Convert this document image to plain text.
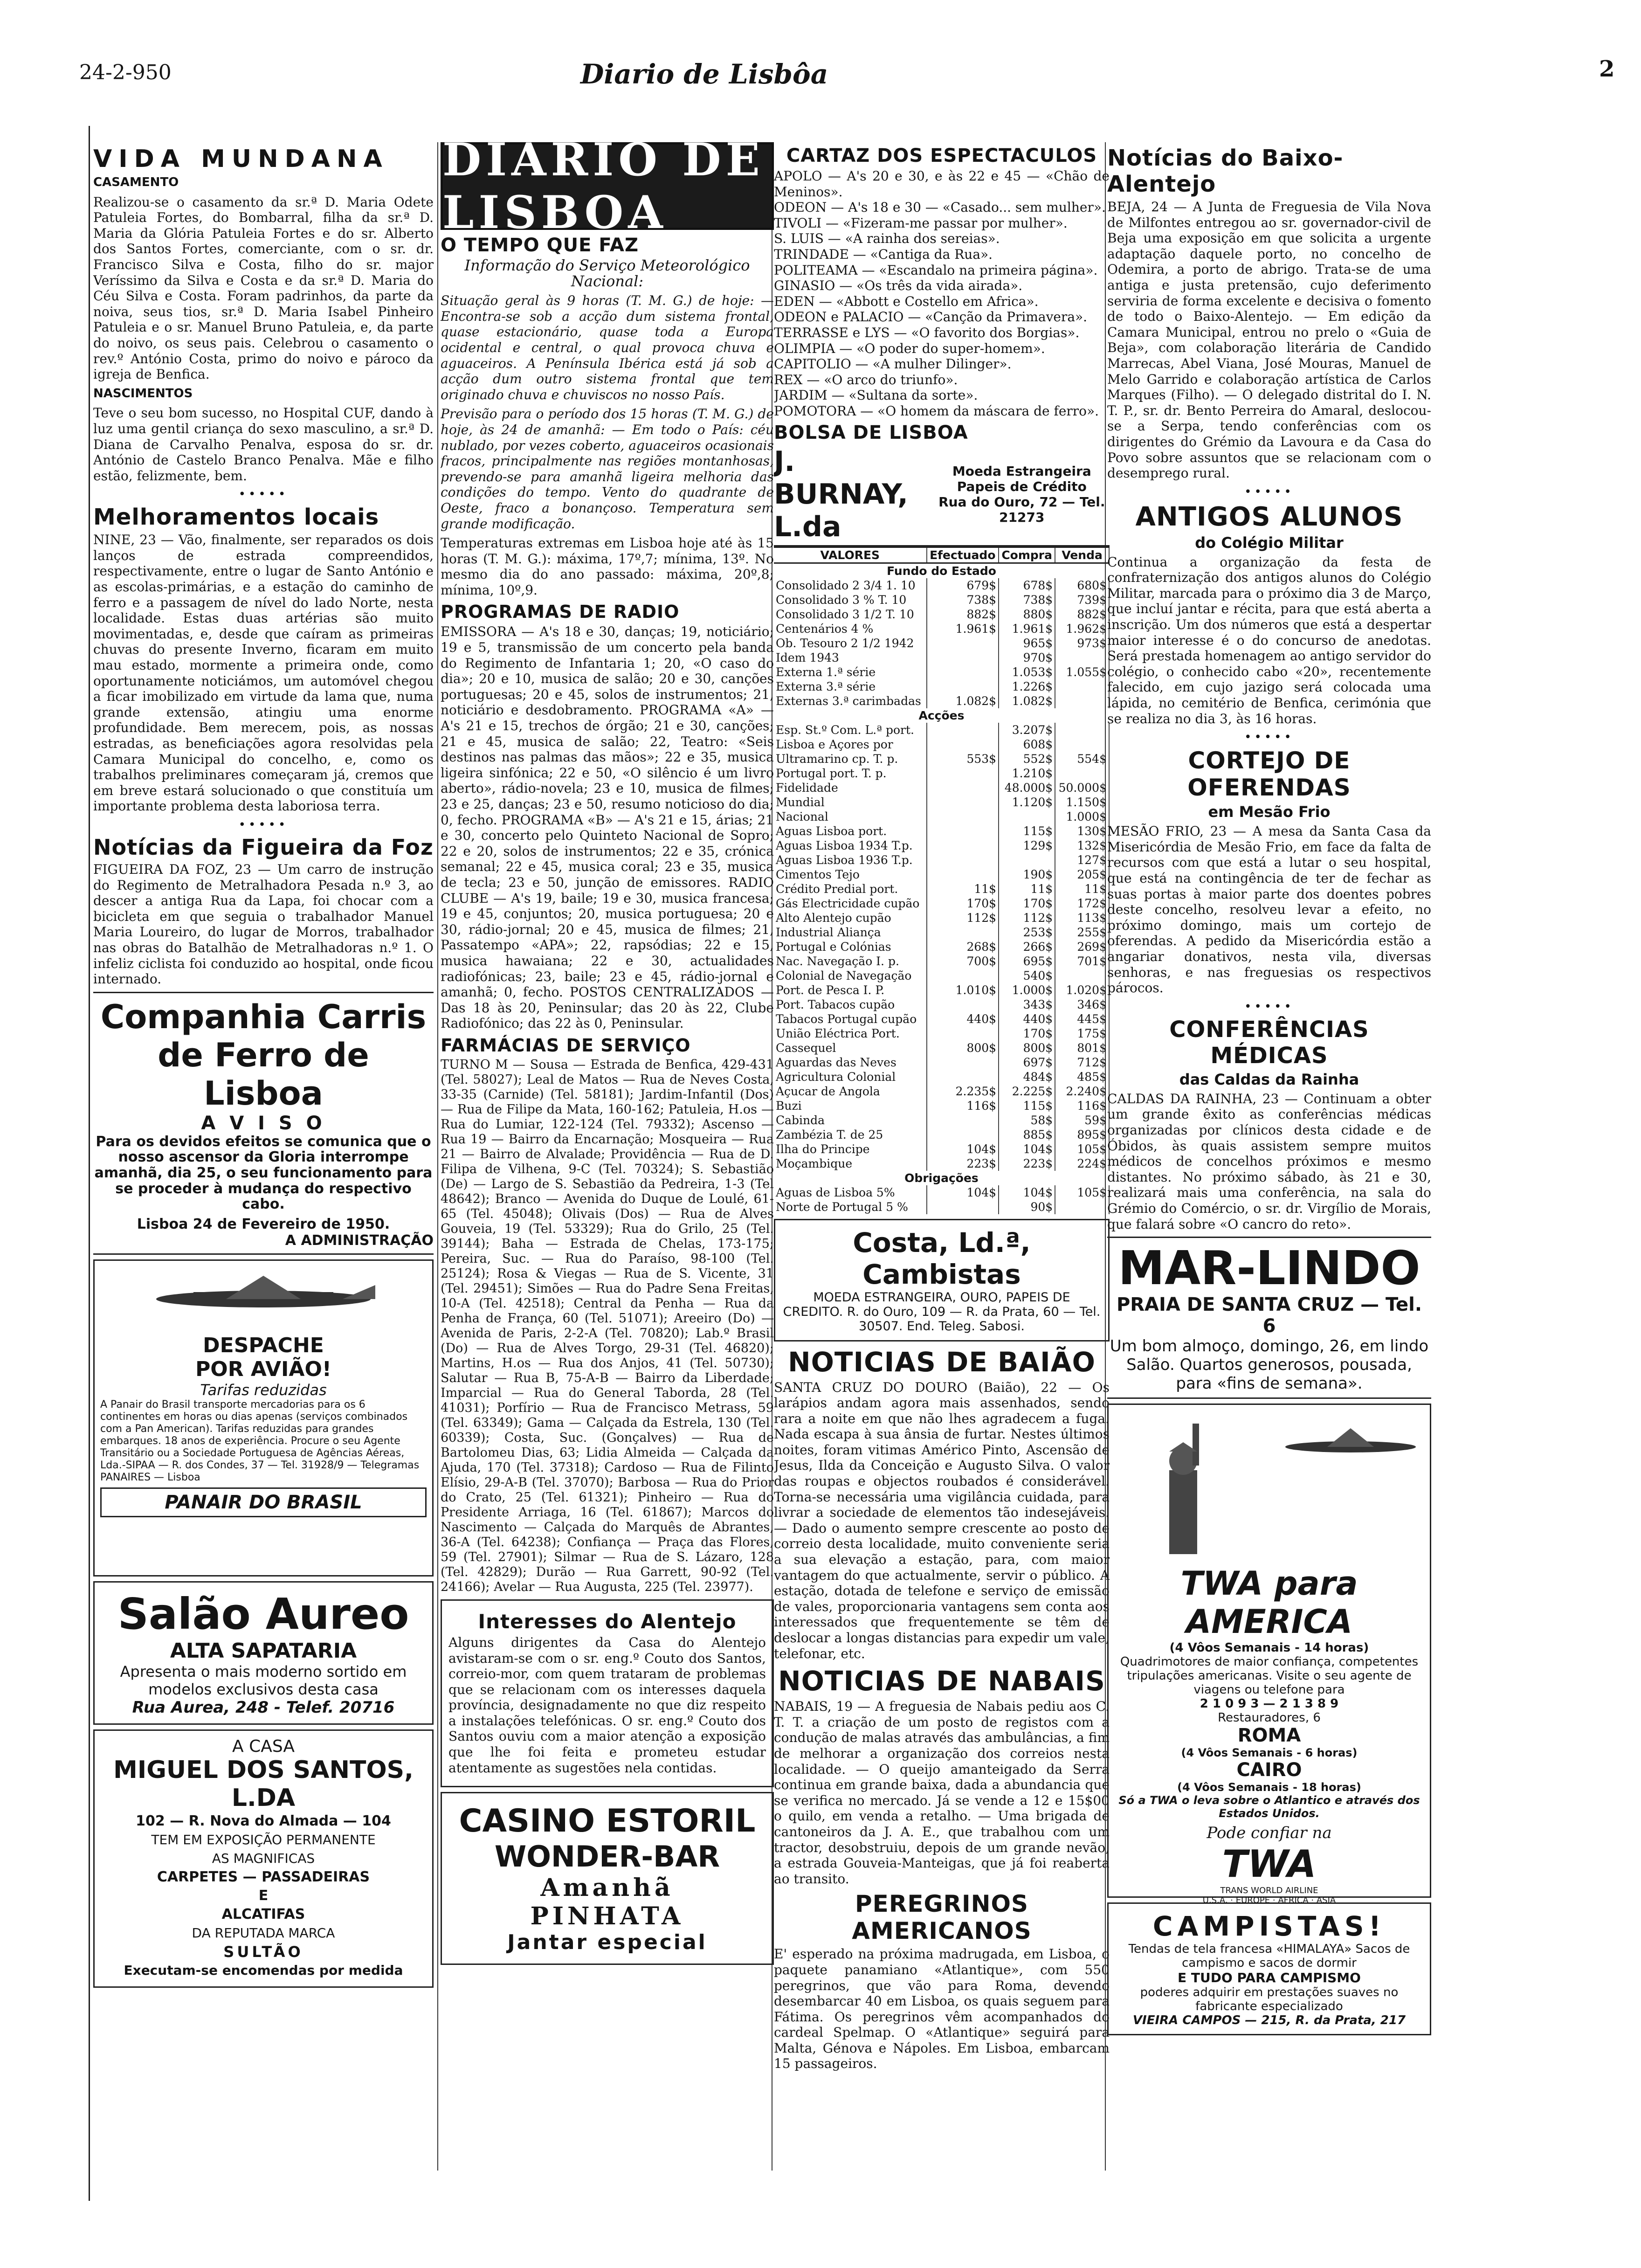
24-2-950	Diario de Lisbôa	2
VIDA MUNDANA
CASAMENTO

Realizou-se o casamento da sr.ª D. Maria Odete Patuleia Fortes, do Bombarral, filha da sr.ª D. Maria da Glória Patuleia Fortes e do sr. Alberto dos Santos Fortes, comerciante, com o sr. dr. Francisco Silva e Costa, filho do sr. major Veríssimo da Silva e Costa e da sr.ª D. Maria do Céu Silva e Costa. Foram padrinhos, da parte da noiva, seus tios, sr.ª D. Maria Isabel Pinheiro Patuleia e o sr. Manuel Bruno Patuleia, e, da parte do noivo, os seus pais. Celebrou o casamento o rev.º António Costa, primo do noivo e pároco da igreja de Benfica.

NASCIMENTOS

Teve o seu bom sucesso, no Hospital CUF, dando à luz uma gentil criança do sexo masculino, a sr.ª D. Diana de Carvalho Penalva, esposa do sr. dr. António de Castelo Branco Penalva. Mãe e filho estão, felizmente, bem.

•••••
Melhoramentos locais

NINE, 23 — Vão, finalmente, ser reparados os dois lanços de estrada compreendidos, respectivamente, entre o lugar de Santo António e as escolas-primárias, e a estação do caminho de ferro e a passagem de nível do lado Norte, nesta localidade. Estas duas artérias são muito movimentadas, e, desde que caíram as primeiras chuvas do presente Inverno, ficaram em muito mau estado, mormente a primeira onde, como oportunamente noticiámos, um automóvel chegou a ficar imobilizado em virtude da lama que, numa grande extensão, atingiu uma enorme profundidade. Bem merecem, pois, as nossas estradas, as beneficiações agora resolvidas pela Camara Municipal do concelho, e, como os trabalhos preliminares começaram já, cremos que em breve estará solucionado o que constituía um importante problema desta laboriosa terra.

•••••
Notícias da Figueira da Foz

FIGUEIRA DA FOZ, 23 — Um carro de instrução do Regimento de Metralhadora Pesada n.º 3, ao descer a antiga Rua da Lapa, foi chocar com a bicicleta em que seguia o trabalhador Manuel Maria Loureiro, do lugar de Morros, trabalhador nas obras do Batalhão de Metralhadoras n.º 1. O infeliz ciclista foi conduzido ao hospital, onde ficou internado.

Companhia Carris
de Ferro de Lisboa
A V I S O

Para os devidos efeitos se comunica que o nosso ascensor da Gloria interrompe amanhã, dia 25, o seu funcionamento para se proceder à mudança do respectivo cabo.

Lisboa 24 de Fevereiro de 1950.
A ADMINISTRAÇÃO
DESPACHE
POR AVIÃO!
Tarifas reduzidas

A Panair do Brasil transporte mercadorias para os 6 continentes em horas ou dias apenas (serviços combinados com a Pan American). Tarifas reduzidas para grandes embarques. 18 anos de experiência. Procure o seu Agente Transitário ou a Sociedade Portuguesa de Agências Aéreas, Lda.-SIPAA — R. dos Condes, 37 — Tel. 31928/9 — Telegramas PANAIRES — Lisboa

PANAIR DO BRASIL
Salão Aureo
ALTA SAPATARIA
Apresenta o mais moderno sortido em modelos exclusivos desta casa
Rua Aurea, 248 - Telef. 20716
A CASA
MIGUEL DOS SANTOS, L.DA
102 — R. Nova do Almada — 104
TEM EM EXPOSIÇÃO PERMANENTE
AS MAGNIFICAS
CARPETES — PASSADEIRAS
E
ALCATIFAS
DA REPUTADA MARCA
SULTÃO
Executam-se encomendas por medida
DIARIO DE LISBOA
O TEMPO QUE FAZ
Informação do Serviço Meteorológico Nacional:

Situação geral às 9 horas (T. M. G.) de hoje: — Encontra-se sob a acção dum sistema frontal, quase estacionário, quase toda a Europa ocidental e central, o qual provoca chuva e aguaceiros. A Península Ibérica está já sob a acção dum outro sistema frontal que tem originado chuva e chuviscos no nosso País.

Previsão para o período dos 15 horas (T. M. G.) de hoje, às 24 de amanhã: — Em todo o País: céu nublado, por vezes coberto, aguaceiros ocasionais fracos, principalmente nas regiões montanhosas, prevendo-se para amanhã ligeira melhoria das condições do tempo. Vento do quadrante de Oeste, fraco a bonançoso. Temperatura sem grande modificação.

Temperaturas extremas em Lisboa hoje até às 15 horas (T. M. G.): máxima, 17º,7; mínima, 13º. No mesmo dia do ano passado: máxima, 20º,8; mínima, 10º,9.

PROGRAMAS DE RADIO

EMISSORA — A's 18 e 30, danças; 19, noticiário; 19 e 5, transmissão de um concerto pela banda do Regimento de Infantaria 1; 20, «O caso do dia»; 20 e 10, musica de salão; 20 e 30, canções portuguesas; 20 e 45, solos de instrumentos; 21, noticiário e desdobramento. PROGRAMA «A» — A's 21 e 15, trechos de órgão; 21 e 30, canções; 21 e 45, musica de salão; 22, Teatro: «Seis destinos nas palmas das mãos»; 22 e 35, musica ligeira sinfónica; 22 e 50, «O silêncio é um livro aberto», rádio-novela; 23 e 10, musica de filmes; 23 e 25, danças; 23 e 50, resumo noticioso do dia; 0, fecho. PROGRAMA «B» — A's 21 e 15, árias; 21 e 30, concerto pelo Quinteto Nacional de Sopro; 22 e 20, solos de instrumentos; 22 e 35, crónica semanal; 22 e 45, musica coral; 23 e 35, musica de tecla; 23 e 50, junção de emissores. RADIO CLUBE — A's 19, baile; 19 e 30, musica francesa; 19 e 45, conjuntos; 20, musica portuguesa; 20 e 30, rádio-jornal; 20 e 45, musica de filmes; 21, Passatempo «APA»; 22, rapsódias; 22 e 15, musica hawaiana; 22 e 30, actualidades radiofónicas; 23, baile; 23 e 45, rádio-jornal e amanhã; 0, fecho. POSTOS CENTRALIZADOS — Das 18 às 20, Peninsular; das 20 às 22, Clube Radiofónico; das 22 às 0, Peninsular.

FARMÁCIAS DE SERVIÇO

TURNO M — Sousa — Estrada de Benfica, 429-431 (Tel. 58027); Leal de Matos — Rua de Neves Costa, 33-35 (Carnide) (Tel. 58181); Jardim-Infantil (Dos) — Rua de Filipe da Mata, 160-162; Patuleia, H.os — Rua do Lumiar, 122-124 (Tel. 79332); Ascenso — Rua 19 — Bairro da Encarnação; Mosqueira — Rua 21 — Bairro de Alvalade; Providência — Rua de D. Filipa de Vilhena, 9-C (Tel. 70324); S. Sebastião (De) — Largo de S. Sebastião da Pedreira, 1-3 (Tel 48642); Branco — Avenida do Duque de Loulé, 61-65 (Tel. 45048); Olivais (Dos) — Rua de Alves Gouveia, 19 (Tel. 53329); Rua do Grilo, 25 (Tel. 39144); Baha — Estrada de Chelas, 173-175; Pereira, Suc. — Rua do Paraíso, 98-100 (Tel. 25124); Rosa & Viegas — Rua de S. Vicente, 31 (Tel. 29451); Simões — Rua do Padre Sena Freitas, 10-A (Tel. 42518); Central da Penha — Rua da Penha de França, 60 (Tel. 51071); Areeiro (Do) — Avenida de Paris, 2-2-A (Tel. 70820); Lab.º Brasil (Do) — Rua de Alves Torgo, 29-31 (Tel. 46820); Martins, H.os — Rua dos Anjos, 41 (Tel. 50730); Salutar — Rua B, 75-A-B — Bairro da Liberdade; Imparcial — Rua do General Taborda, 28 (Tel. 41031); Porfírio — Rua de Francisco Metrass, 59 (Tel. 63349); Gama — Calçada da Estrela, 130 (Tel. 60339); Costa, Suc. (Gonçalves) — Rua de Bartolomeu Dias, 63; Lidia Almeida — Calçada da Ajuda, 170 (Tel. 37318); Cardoso — Rua de Filinto Elísio, 29-A-B (Tel. 37070); Barbosa — Rua do Prior do Crato, 25 (Tel. 61321); Pinheiro — Rua do Presidente Arriaga, 16 (Tel. 61867); Marcos do Nascimento — Calçada do Marquês de Abrantes, 36-A (Tel. 64238); Confiança — Praça das Flores, 59 (Tel. 27901); Silmar — Rua de S. Lázaro, 128 (Tel. 42829); Durão — Rua Garrett, 90-92 (Tel. 24166); Avelar — Rua Augusta, 225 (Tel. 23977).

Interesses do Alentejo

Alguns dirigentes da Casa do Alentejo avistaram-se com o sr. eng.º Couto dos Santos, correio-mor, com quem trataram de problemas que se relacionam com os interesses daquela província, designadamente no que diz respeito a instalações telefónicas. O sr. eng.º Couto dos Santos ouviu com a maior atenção a exposição que lhe foi feita e prometeu estudar atentamente as sugestões nela contidas.

CASINO ESTORIL
WONDER-BAR
Amanhã
PINHATA
Jantar especial
CARTAZ DOS ESPECTACULOS
APOLO — A's 20 e 30, e às 22 e 45 — «Chão de Meninos».
ODEON — A's 18 e 30 — «Casado... sem mulher».
TIVOLI — «Fizeram-me passar por mulher».
S. LUIS — «A rainha dos sereias».
TRINDADE — «Cantiga da Rua».
POLITEAMA — «Escandalo na primeira página».
GINASIO — «Os três da vida airada».
EDEN — «Abbott e Costello em Africa».
ODEON e PALACIO — «Canção da Primavera».
TERRASSE e LYS — «O favorito dos Borgias».
OLIMPIA — «O poder do super-homem».
CAPITOLIO — «A mulher Dilinger».
REX — «O arco do triunfo».
JARDIM — «Sultana da sorte».
POMOTORA — «O homem da máscara de ferro».
BOLSA DE LISBOA
J. BURNAY, L.da
Moeda Estrangeira Papeis de Crédito
Rua do Ouro, 72 — Tel. 21273
VALORES	Efectuado	Compra	Venda
Fundo do Estado			
Consolidado 2 3/4 1. 10	679$	678$	680$
Consolidado 3 % T. 10	738$	738$	739$
Consolidado 3 1/2 T. 10	882$	880$	882$
Centenários 4 %	1.961$	1.961$	1.962$
Ob. Tesouro 2 1/2 1942		965$	973$
Idem 1943		970$	
Externa 1.ª série		1.053$	1.055$
Externa 3.ª série		1.226$	
Externas 3.ª carimbadas	1.082$	1.082$	
Acções			
Esp. St.º Com. L.ª port.		3.207$	
Lisboa e Açores por		608$	
Ultramarino cp. T. p.	553$	552$	554$
Portugal port. T. p.		1.210$	
Fidelidade		48.000$	50.000$
Mundial		1.120$	1.150$
Nacional			1.000$
Aguas Lisboa port.		115$	130$
Aguas Lisboa 1934 T.p.		129$	132$
Aguas Lisboa 1936 T.p.			127$
Cimentos Tejo		190$	205$
Crédito Predial port.	11$	11$	11$
Gás Electricidade cupão	170$	170$	172$
Alto Alentejo cupão	112$	112$	113$
Industrial Aliança		253$	255$
Portugal e Colónias	268$	266$	269$
Nac. Navegação I. p.	700$	695$	701$
Colonial de Navegação		540$	
Port. de Pesca I. P.	1.010$	1.000$	1.020$
Port. Tabacos cupão		343$	346$
Tabacos Portugal cupão	440$	440$	445$
União Eléctrica Port.		170$	175$
Cassequel	800$	800$	801$
Aguardas das Neves		697$	712$
Agricultura Colonial		484$	485$
Açucar de Angola	2.235$	2.225$	2.240$
Buzi	116$	115$	116$
Cabinda		58$	59$
Zambézia T. de 25		885$	895$
Ilha do Principe	104$	104$	105$
Moçambique	223$	223$	224$
Obrigações			
Aguas de Lisboa 5%	104$	104$	105$
Norte de Portugal 5 %		90$	
Costa, Ld.ª, Cambistas
MOEDA ESTRANGEIRA, OURO, PAPEIS DE CREDITO. R. do Ouro, 109 — R. da Prata, 60 — Tel. 30507. End. Teleg. Sabosi.
NOTICIAS DE BAIÃO

SANTA CRUZ DO DOURO (Baião), 22 — Os larápios andam agora mais assenhados, sendo rara a noite em que não lhes agradecem a fuga. Nada escapa à sua ânsia de furtar. Nestes últimos noites, foram vitimas Américo Pinto, Ascensão de Jesus, Ilda da Conceição e Augusto Silva. O valor das roupas e objectos roubados é considerável. Torna-se necessária uma vigilância cuidada, para livrar a sociedade de elementos tão indesejáveis. — Dado o aumento sempre crescente ao posto de correio desta localidade, muito conveniente seria a sua elevação a estação, para, com maior vantagem do que actualmente, servir o público. A estação, dotada de telefone e serviço de emissão de vales, proporcionaria vantagens sem conta aos interessados que frequentemente se têm de deslocar a longas distancias para expedir um vale, telefonar, etc.

NOTICIAS DE NABAIS

NABAIS, 19 — A freguesia de Nabais pediu aos C. T. T. a criação de um posto de registos com a condução de malas através das ambulâncias, a fim de melhorar a organização dos correios nesta localidade. — O queijo amanteigado da Serra continua em grande baixa, dada a abundancia que se verifica no mercado. Já se vende a 12 e 15$00 o quilo, em venda a retalho. — Uma brigada de cantoneiros da J. A. E., que trabalhou com um tractor, desobstruiu, depois de um grande nevão, a estrada Gouveia-Manteigas, que já foi reaberta ao transito.

PEREGRINOS AMERICANOS

E' esperado na próxima madrugada, em Lisboa, o paquete panamiano «Atlantique», com 550 peregrinos, que vão para Roma, devendo desembarcar 40 em Lisboa, os quais seguem para Fátima. Os peregrinos vêm acompanhados do cardeal Spelmap. O «Atlantique» seguirá para Malta, Génova e Nápoles. Em Lisboa, embarcam 15 passageiros.

Notícias do Baixo-Alentejo

BEJA, 24 — A Junta de Freguesia de Vila Nova de Milfontes entregou ao sr. governador-civil de Beja uma exposição em que solicita a urgente adaptação daquele porto, no concelho de Odemira, a porto de abrigo. Trata-se de uma antiga e justa pretensão, cujo deferimento serviria de forma excelente e decisiva o fomento de todo o Baixo-Alentejo. — Em edição da Camara Municipal, entrou no prelo o «Guia de Beja», com colaboração literária de Candido Marrecas, Abel Viana, José Mouras, Manuel de Melo Garrido e colaboração artística de Carlos Marques (Filho). — O delegado distrital do I. N. T. P., sr. dr. Bento Perreira do Amaral, deslocou-se a Serpa, tendo conferências com os dirigentes do Grémio da Lavoura e da Casa do Povo sobre assuntos que se relacionam com o desemprego rural.

•••••
ANTIGOS ALUNOS
do Colégio Militar

Continua a organização da festa de confraternização dos antigos alunos do Colégio Militar, marcada para o próximo dia 3 de Março, que incluí jantar e récita, para que está aberta a inscrição. Um dos números que está a despertar maior interesse é o do concurso de anedotas. Será prestada homenagem ao antigo servidor do colégio, o conhecido cabo «20», recentemente falecido, em cujo jazigo será colocada uma lápida, no cemitério de Benfica, cerimónia que se realiza no dia 3, às 16 horas.

•••••
CORTEJO DE OFERENDAS
em Mesão Frio

MESÃO FRIO, 23 — A mesa da Santa Casa da Misericórdia de Mesão Frio, em face da falta de recursos com que está a lutar o seu hospital, que está na contingência de ter de fechar as suas portas à maior parte dos doentes pobres deste concelho, resolveu levar a efeito, no próximo domingo, mais um cortejo de oferendas. A pedido da Misericórdia estão a angariar donativos, nesta vila, diversas senhoras, e nas freguesias os respectivos párocos.

•••••
CONFERÊNCIAS MÉDICAS
das Caldas da Rainha

CALDAS DA RAINHA, 23 — Continuam a obter um grande êxito as conferências médicas organizadas por clínicos desta cidade e de Óbidos, às quais assistem sempre muitos médicos de concelhos próximos e mesmo distantes. No próximo sábado, às 21 e 30, realizará mais uma conferência, na sala do Grémio do Comércio, o sr. dr. Virgílio de Morais, que falará sobre «O cancro do reto».

MAR-LINDO
PRAIA DE SANTA CRUZ — Tel. 6

Um bom almoço, domingo, 26, em lindo Salão. Quartos generosos, pousada, para «fins de semana».

TWA para
AMERICA
(4 Vôos Semanais - 14 horas)
Quadrimotores de maior confiança, competentes tripulações americanas. Visite o seu agente de viagens ou telefone para
2 1 0 9 3 — 2 1 3 8 9
Restauradores, 6
ROMA
(4 Vôos Semanais - 6 horas)
CAIRO
(4 Vôos Semanais - 18 horas)
Só a TWA o leva sobre o Atlantico e através dos Estados Unidos.
Pode confiar na
TWA
TRANS WORLD AIRLINE
U.S.A. · EUROPE · AFRICA · ASIA
CAMPISTAS!
Tendas de tela francesa «HIMALAYA» Sacos de campismo e sacos de dormir
E TUDO PARA CAMPISMO
poderes adquirir em prestações suaves no fabricante especializado
VIEIRA CAMPOS — 215, R. da Prata, 217
